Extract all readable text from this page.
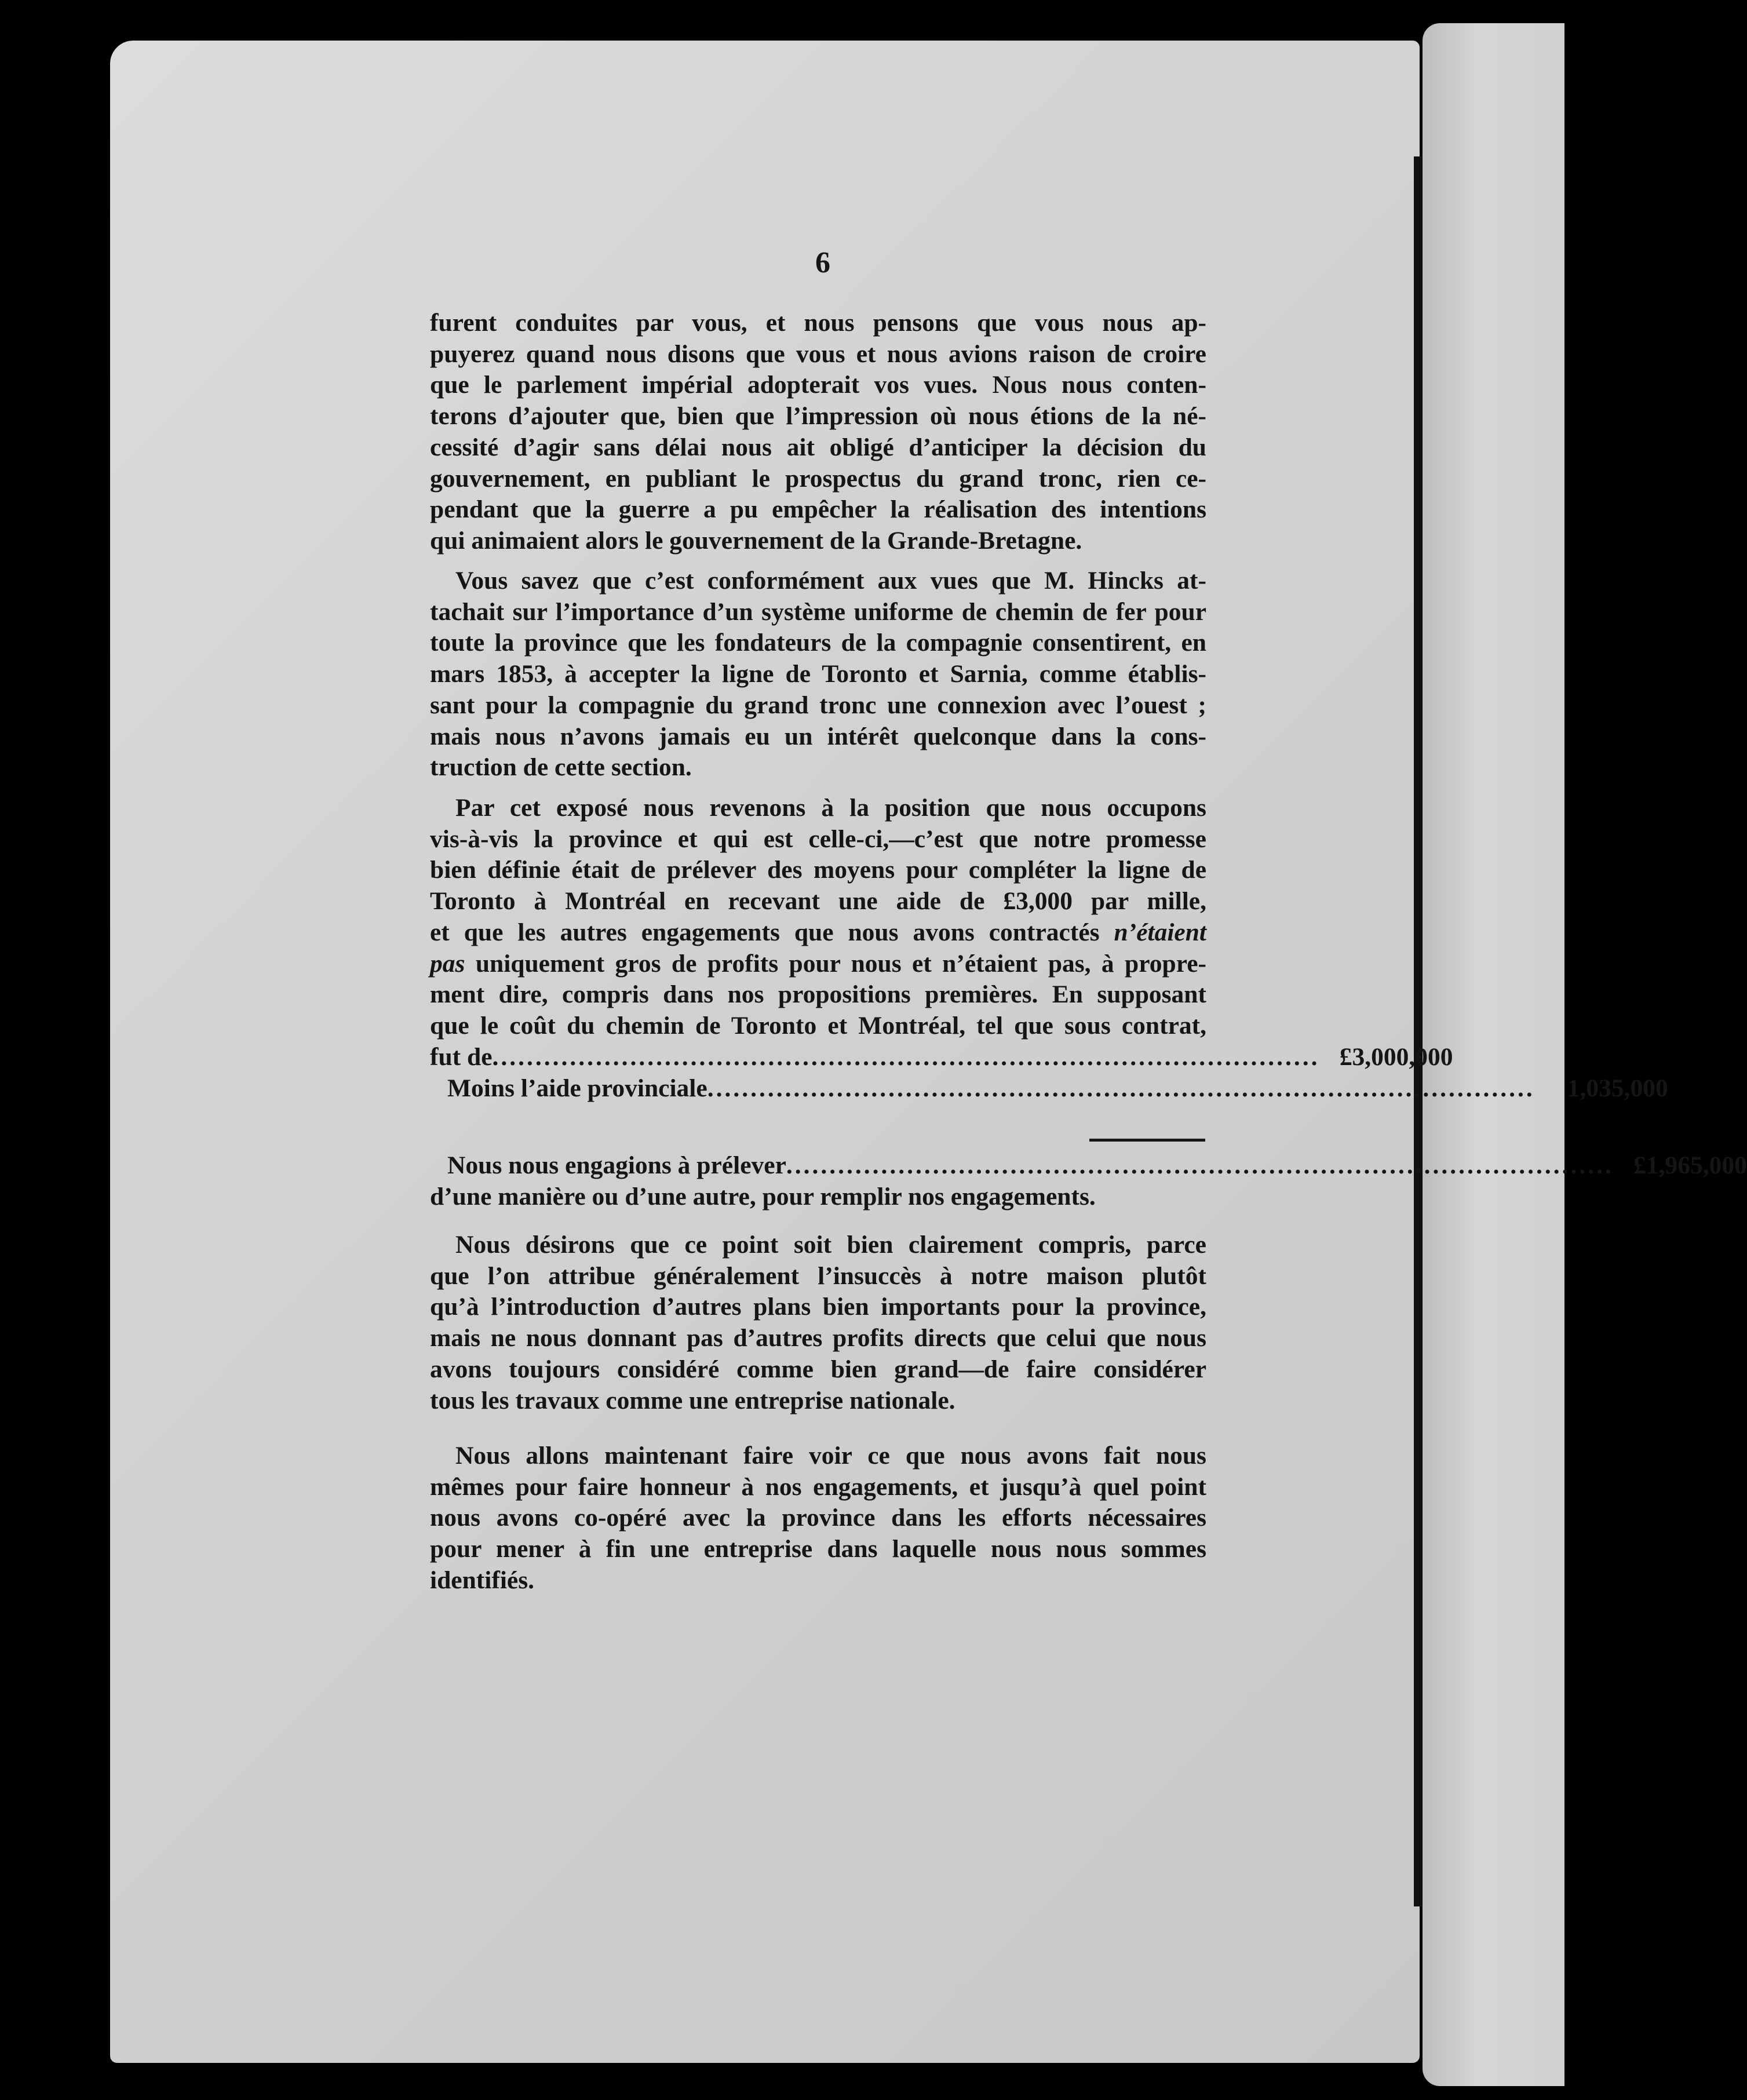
6
furent conduites par vous, et nous pensons que vous nous ap-
puyerez quand nous disons que vous et nous avions raison de croire
que le parlement impérial adopterait vos vues. Nous nous conten-
terons d’ajouter que, bien que l’impression où nous étions de la né-
cessité d’agir sans délai nous ait obligé d’anticiper la décision du
gouvernement, en publiant le prospectus du grand tronc, rien ce-
pendant que la guerre a pu empêcher la réalisation des intentions
qui animaient alors le gouvernement de la Grande-Bretagne.
Vous savez que c’est conformément aux vues que M. Hincks at-
tachait sur l’importance d’un système uniforme de chemin de fer pour
toute la province que les fondateurs de la compagnie consentirent, en
mars 1853, à accepter la ligne de Toronto et Sarnia, comme établis-
sant pour la compagnie du grand tronc une connexion avec l’ouest ;
mais nous n’avons jamais eu un intérêt quelconque dans la cons-
truction de cette section.
Par cet exposé nous revenons à la position que nous occupons
vis-à-vis la province et qui est celle-ci,—c’est que notre promesse
bien définie était de prélever des moyens pour compléter la ligne de
Toronto à Montréal en recevant une aide de £3,000 par mille,
et que les autres engagements que nous avons contractés n’étaient
pas uniquement gros de profits pour nous et n’étaient pas, à propre-
ment dire, compris dans nos propositions premières. En supposant
que le coût du chemin de Toronto et Montréal, tel que sous contrat,
fut de ................................................................................................ £3,000,000
Moins l’aide provinciale ................................................................................................	1,035,000
Nous nous engagions à prélever ................................................................................................ £1,965,000
d’une manière ou d’une autre, pour remplir nos engagements.
Nous désirons que ce point soit bien clairement compris, parce
que l’on attribue généralement l’insuccès à notre maison plutôt
qu’à l’introduction d’autres plans bien importants pour la province,
mais ne nous donnant pas d’autres profits directs que celui que nous
avons toujours considéré comme bien grand—de faire considérer
tous les travaux comme une entreprise nationale.
Nous allons maintenant faire voir ce que nous avons fait nous
mêmes pour faire honneur à nos engagements, et jusqu’à quel point
nous avons co-opéré avec la province dans les efforts nécessaires
pour mener à fin une entreprise dans laquelle nous nous sommes
identifiés.
